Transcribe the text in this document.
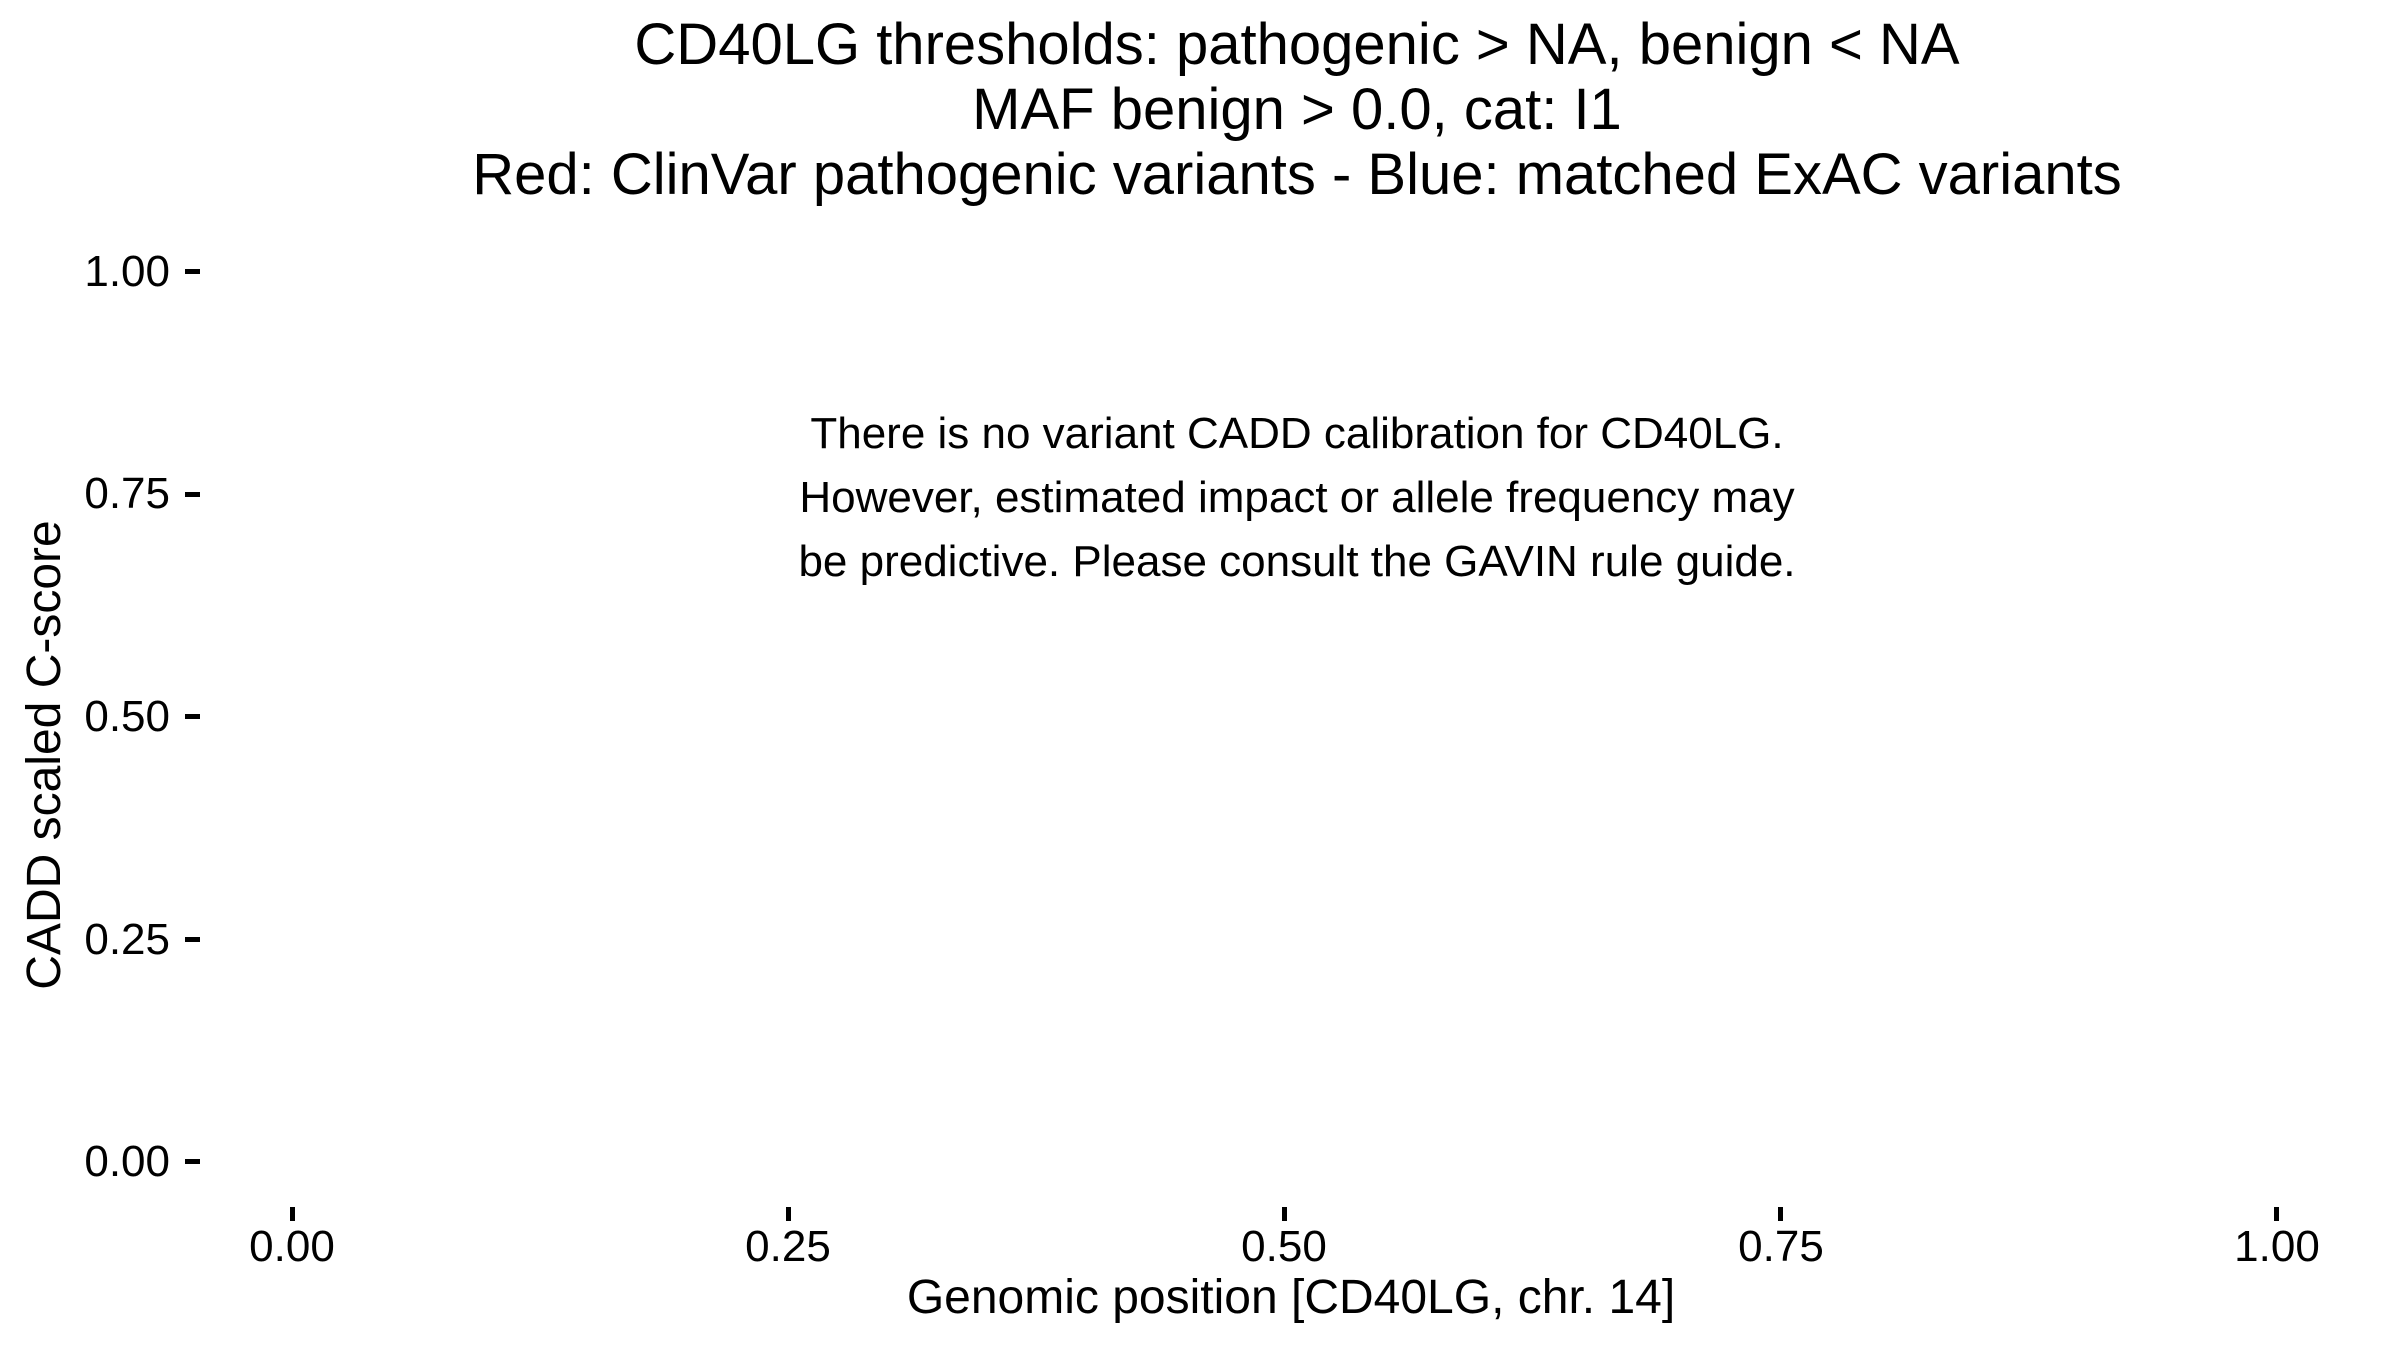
CD40LG thresholds: pathogenic > NA, benign < NA
MAF benign > 0.0, cat: I1
Red: ClinVar pathogenic variants - Blue: matched ExAC variants
There is no variant CADD calibration for CD40LG.
However, estimated impact or allele frequency may
be predictive. Please consult the GAVIN rule guide.
CADD scaled C-score
1.00
0.75
0.50
0.25
0.00
0.00	0.25	0.50	0.75	1.00
Genomic position [CD40LG, chr. 14]
